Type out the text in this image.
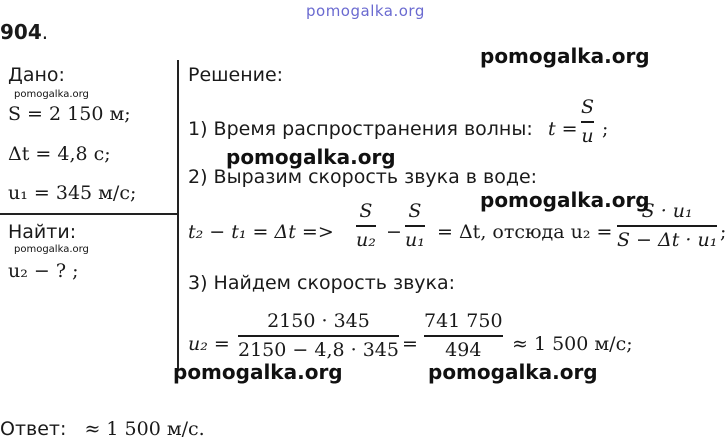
pomogalka.org
904.
Дано:
pomogalka.org
S = 2 150 м;
Δt = 4,8 с;
u₁ = 345 м/с;
Найти:
pomogalka.org
u₂ − ? ;
Решение:
1) Время распространения волны: t =
S
u ;
2) Выразим скорость звука в воде:
t₂ − t₁ = Δt =>
S
u₂ −
S
u₁ = Δt, отсюда u₂ =
S · u₁
S − Δt · u₁ ;
3) Найдем скорость звука:
u₂ =
2150 · 345
2150 − 4,8 · 345 =
741 750
494 ≈ 1 500 м/с;
pomogalka.org
pomogalka.org
pomogalka.org
pomogalka.org	pomogalka.org
Ответ: ≈ 1 500 м/с.
